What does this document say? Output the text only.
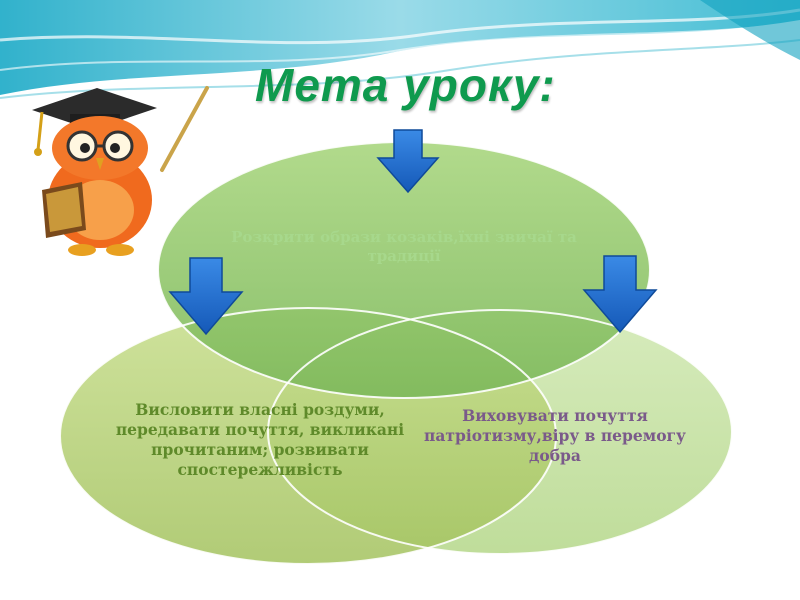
Мета уроку:
Розкрити образи козаків,їхні звичаї та традиції
Висловити власні роздуми, передавати почуття, викликані прочитаним; розвивати спостережливість
Виховувати почуття патріотизму,віру в перемогу добра
